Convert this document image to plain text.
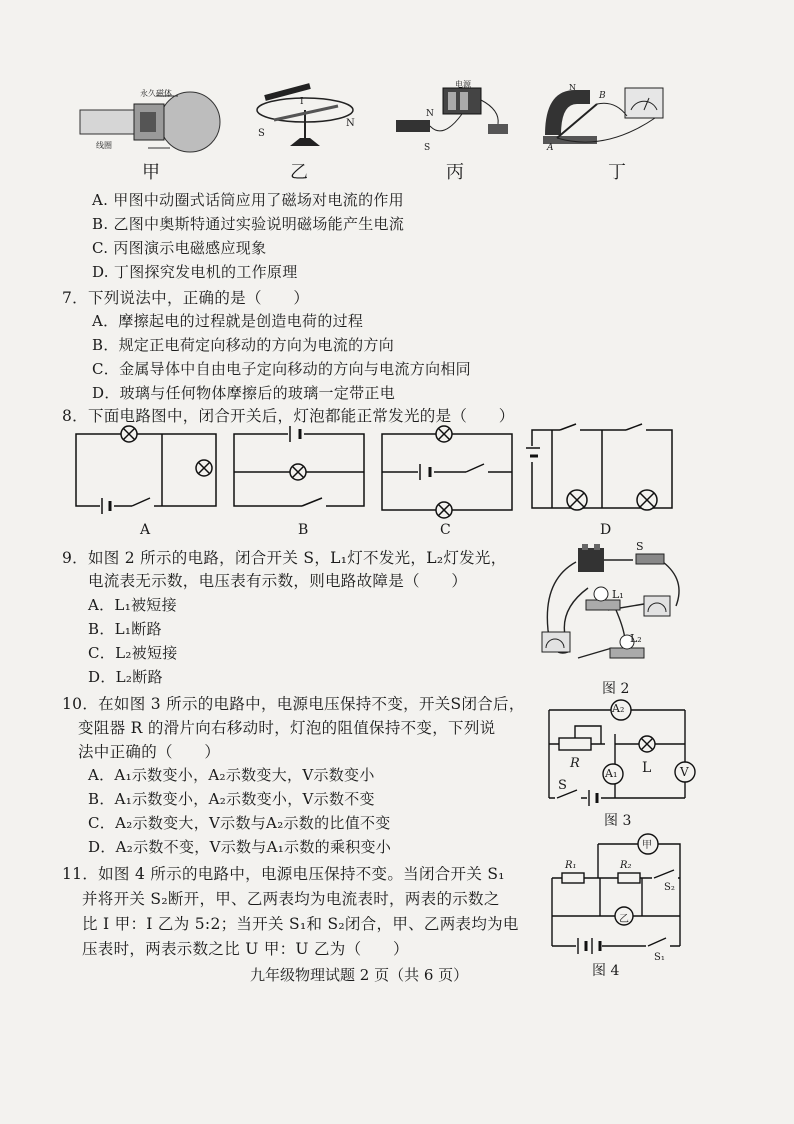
永久磁体
线圈
S
N
I
N
S
电源
B
A
N
甲	乙	丙	丁
A. 甲图中动圈式话筒应用了磁场对电流的作用
B. 乙图中奥斯特通过实验说明磁场能产生电流
C. 丙图演示电磁感应现象
D. 丁图探究发电机的工作原理
7．下列说法中，正确的是（　　）
A．摩擦起电的过程就是创造电荷的过程
B．规定正电荷定向移动的方向为电流的方向
C．金属导体中自由电子定向移动的方向与电流方向相同
D．玻璃与任何物体摩擦后的玻璃一定带正电
8．下面电路图中，闭合开关后，灯泡都能正常发光的是（　　）
A	B	C	D
9．如图 2 所示的电路，闭合开关 S，L₁灯不发光，L₂灯发光，
电流表无示数，电压表有示数，则电路故障是（　　）
A．L₁被短接
B．L₁断路
C．L₂被短接
D．L₂断路
S
L₁
L₂
图 2
10．在如图 3 所示的电路中，电源电压保持不变，开关S闭合后，
变阻器 R 的滑片向右移动时，灯泡的阻值保持不变，下列说
法中正确的（　　）
A．A₁示数变小，A₂示数变大，V示数变小
B．A₁示数变小，A₂示数变小，V示数不变
C．A₂示数变大，V示数与A₂示数的比值不变
D．A₂示数不变，V示数与A₁示数的乘积变小
A₂
R
A₁ L V
S
图 3
11．如图 4 所示的电路中，电源电压保持不变。当闭合开关 S₁
并将开关 S₂断开，甲、乙两表均为电流表时，两表的示数之
比 I 甲：I 乙为 5:2；当开关 S₁和 S₂闭合，甲、乙两表均为电
压表时，两表示数之比 U 甲：U 乙为（　　）
甲
R₁	R₂
S₂
乙
S₁
图 4
九年级物理试题 2 页（共 6 页）
